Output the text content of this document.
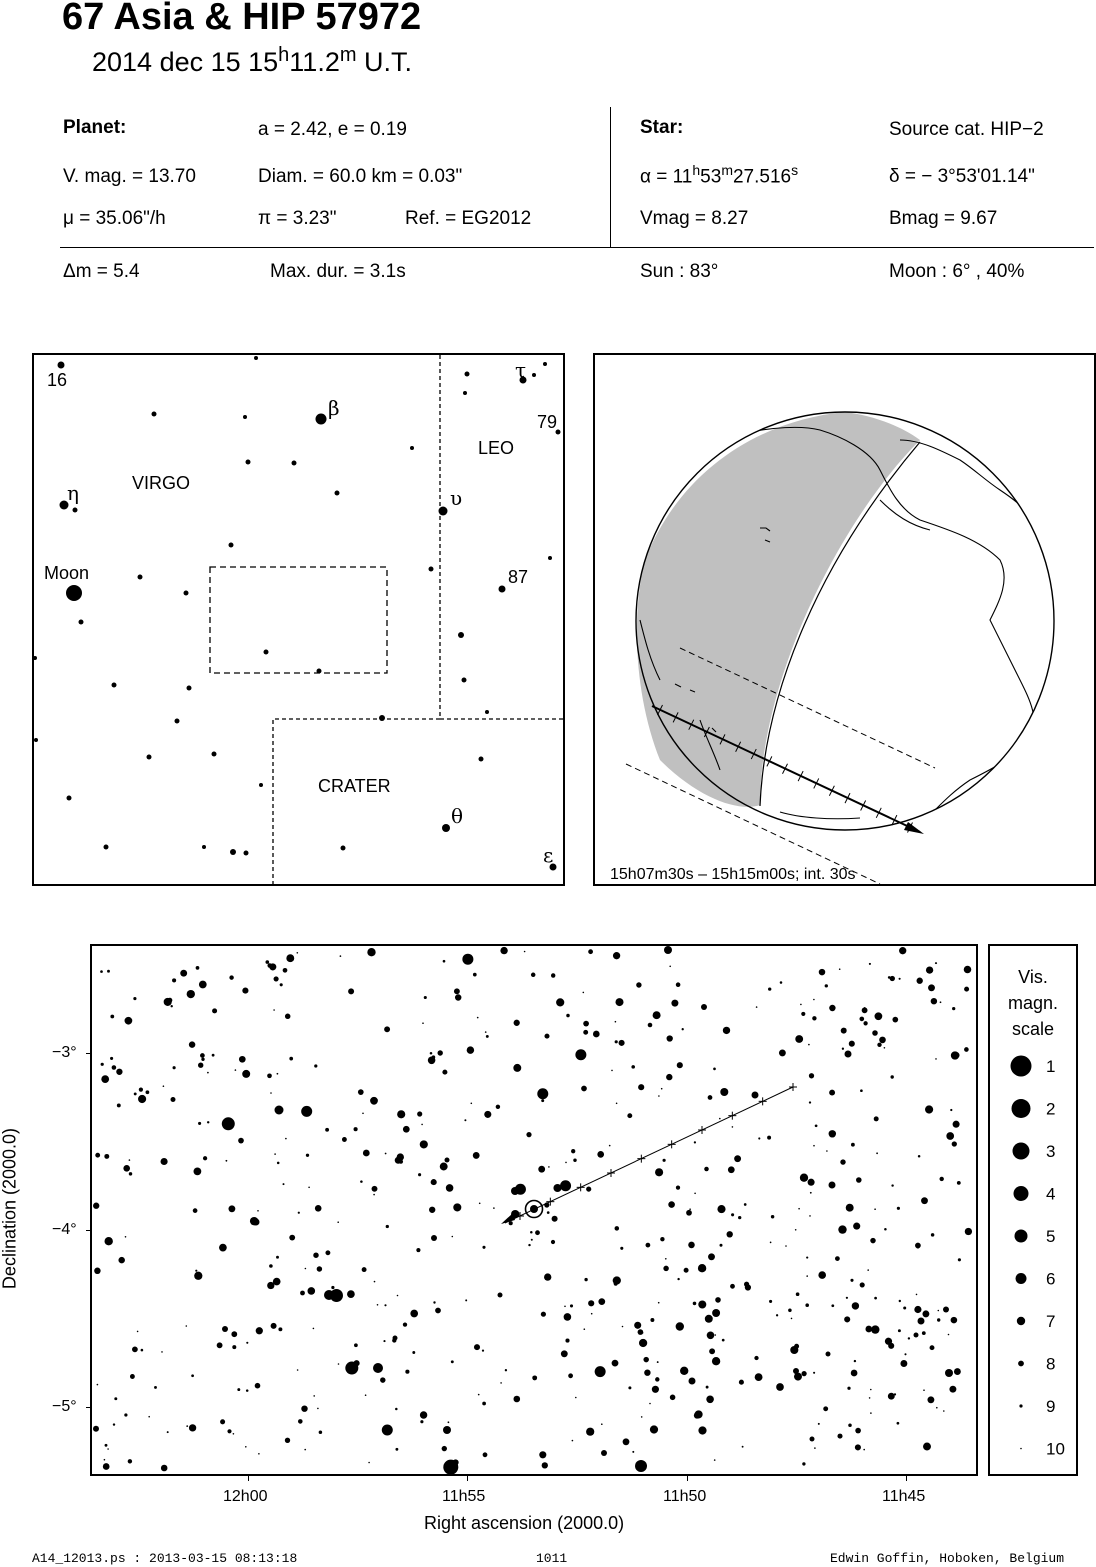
67 Asia & HIP 57972
2014 dec 15 15$^h$11.2$^m$ U.T.
Planet:	a = 2.42, e = 0.19
V. mag. = 13.70	Diam. = 60.0 km = 0.03"
μ = 35.06"/h	π = 3.23"	Ref. = EG2012
Δm = 5.4	Max. dur. = 3.1s
Star:	Source cat. HIP−2
$\alpha = 11^h53^m27.516^s$	δ = − 3°53'01.14"
Vmag = 8.27	Bmag = 9.67
Sun : 83°	Moon : 6° , 40%
16
β
τ
79
LEO
VIRGO
η	υ
Moon	87
CRATER
θ
ε
15h07m30s – 15h15m00s; int. 30s
−3°
−4°
−5°
12h00	11h55	11h50	11h45
Right ascension (2000.0)
Declination (2000.0)
Vis.
magn.
scale
1
2
3
4
5
6
7
8
9
10
A14_12013.ps : 2013-03-15 08:13:18	1011	Edwin Goffin, Hoboken, Belgium
